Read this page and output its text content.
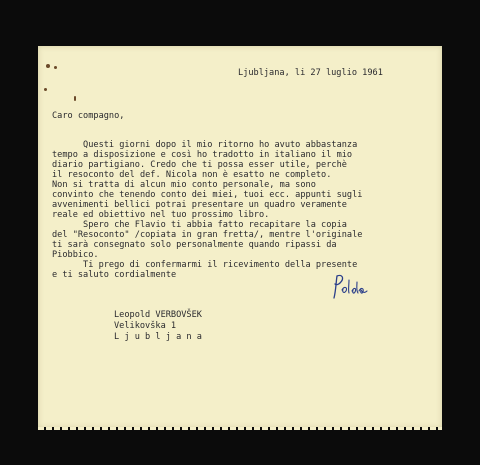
Ljubljana, li 27 luglio 1961

Caro compagno,

Questi giorni dopo il mio ritorno ho avuto abbastanza

tempo a disposizione e così ho tradotto in italiano il mio

diario partigiano. Credo che ti possa esser utile, perchè

il resoconto del def. Nicola non è esatto ne completo.

Non si tratta di alcun mio conto personale, ma sono

convinto che tenendo conto dei miei, tuoi ecc. appunti sugli

avvenimenti bellici potrai presentare un quadro veramente

reale ed obiettivo nel tuo prossimo libro.

Spero che Flavio ti abbia fatto recapitare la copia

del "Resoconto" /copiata in gran fretta/, mentre l'originale

ti sarà consegnato solo personalmente quando ripassi da

Piobbico.

Ti prego di confermarmi il ricevimento della presente

e ti saluto cordialmente

Leopold VERBOVŠEK

Velikovška 1

L j u b l j a n a
